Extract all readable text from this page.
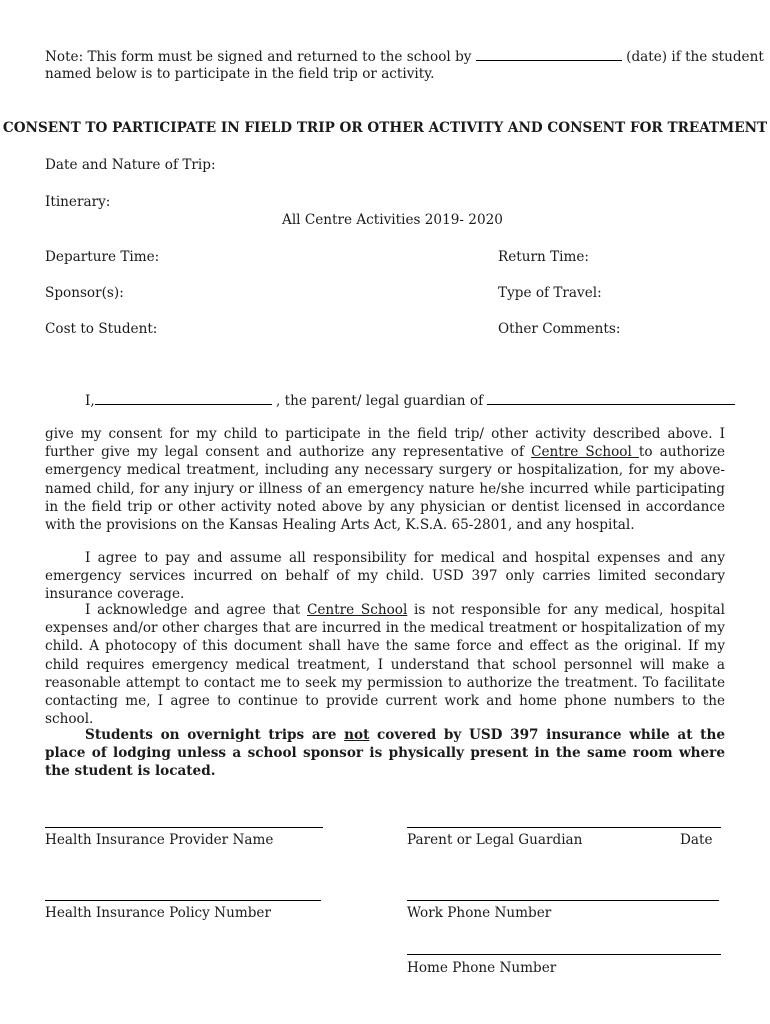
Note: This form must be signed and returned to the school by	(date) if the student
named below is to participate in the field trip or activity.
CONSENT TO PARTICIPATE IN FIELD TRIP OR OTHER ACTIVITY AND CONSENT FOR TREATMENT
Date and Nature of Trip:
Itinerary:
All Centre Activities 2019- 2020
Departure Time:	Return Time:
Sponsor(s):	Type of Travel:
Cost to Student:	Other Comments:
I,	, the parent/ legal guardian of
give my consent for my child to participate in the field trip/ other activity described above. I further give my legal consent and authorize any representative of Centre School to authorize emergency medical treatment, including any necessary surgery or hospitalization, for my above-named child, for any injury or illness of an emergency nature he/she incurred while participating in the field trip or other activity noted above by any physician or dentist licensed in accordance with the provisions on the Kansas Healing Arts Act, K.S.A. 65-2801, and any hospital.
I agree to pay and assume all responsibility for medical and hospital expenses and any emergency services incurred on behalf of my child. USD 397 only carries limited secondary insurance coverage.
I acknowledge and agree that Centre School is not responsible for any medical, hospital expenses and/or other charges that are incurred in the medical treatment or hospitalization of my child. A photocopy of this document shall have the same force and effect as the original. If my child requires emergency medical treatment, I understand that school personnel will make a reasonable attempt to contact me to seek my permission to authorize the treatment. To facilitate contacting me, I agree to continue to provide current work and home phone numbers to the school.
Students on overnight trips are not covered by USD 397 insurance while at the place of lodging unless a school sponsor is physically present in the same room where the student is located.
Health Insurance Provider Name	Parent or Legal Guardian	Date
Health Insurance Policy Number	Work Phone Number
Home Phone Number
